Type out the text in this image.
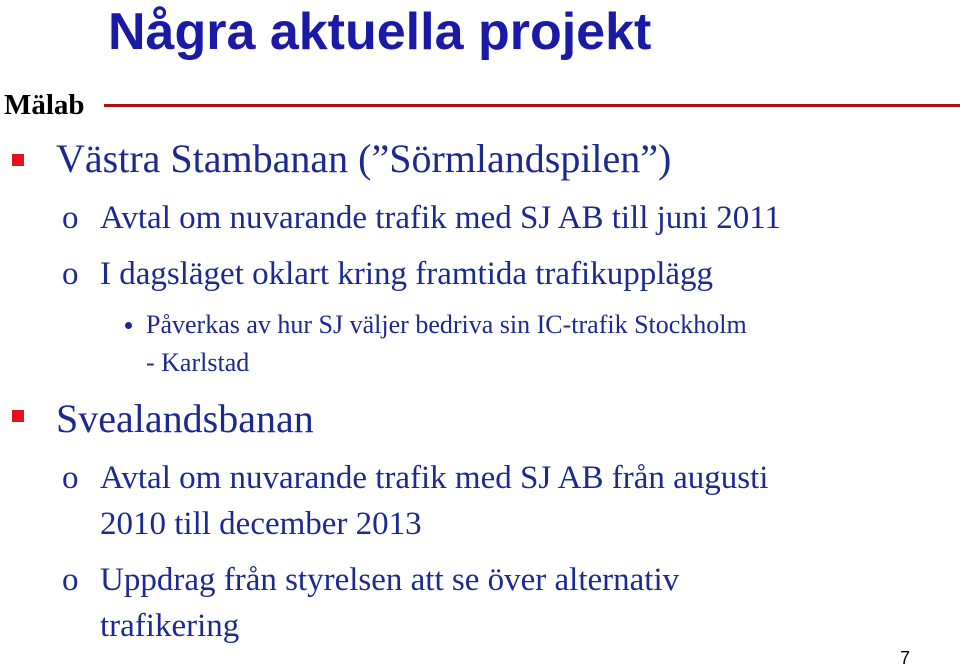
Några aktuella projekt
Mälab
Västra Stambanan (”Sörmlandspilen”)
o Avtal om nuvarande trafik med SJ AB till juni 2011
o I dagsläget oklart kring framtida trafikupplägg
Påverkas av hur SJ väljer bedriva sin IC-trafik Stockholm
- Karlstad
Svealandsbanan
o Avtal om nuvarande trafik med SJ AB från augusti
2010 till december 2013
o Uppdrag från styrelsen att se över alternativ
trafikering
7
